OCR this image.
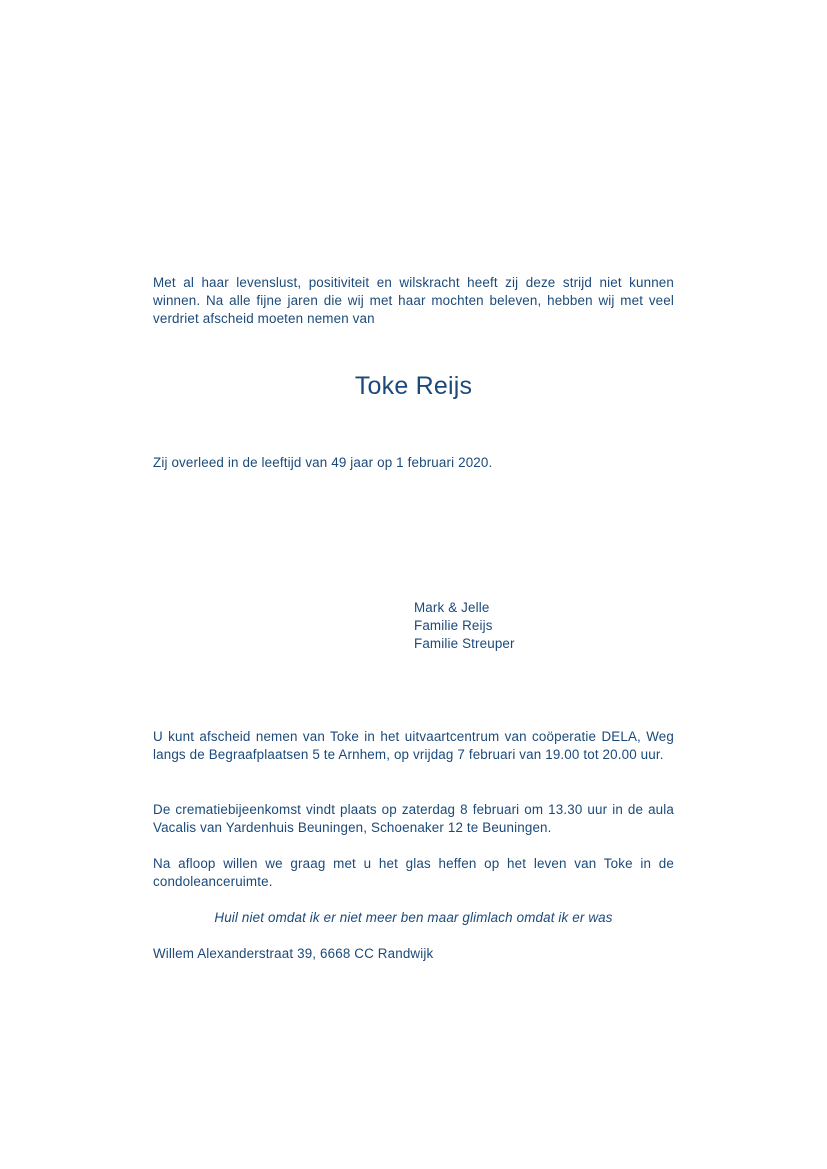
Met al haar levenslust, positiviteit en wilskracht heeft zij deze strijd niet kunnen winnen. Na alle fijne jaren die wij met haar mochten beleven, hebben wij met veel verdriet afscheid moeten nemen van
Toke Reijs
Zij overleed in de leeftijd van 49 jaar op 1 februari 2020.
Mark & Jelle
Familie Reijs
Familie Streuper
U kunt afscheid nemen van Toke in het uitvaartcentrum van coöperatie DELA, Weg langs de Begraafplaatsen 5 te Arnhem, op vrijdag 7 februari van 19.00 tot 20.00 uur.
De crematiebijeenkomst vindt plaats op zaterdag 8 februari om 13.30 uur in de aula Vacalis van Yardenhuis Beuningen, Schoenaker 12 te Beuningen.
Na afloop willen we graag met u het glas heffen op het leven van Toke in de condoleanceruimte.
Huil niet omdat ik er niet meer ben maar glimlach omdat ik er was
Willem Alexanderstraat 39, 6668 CC Randwijk
